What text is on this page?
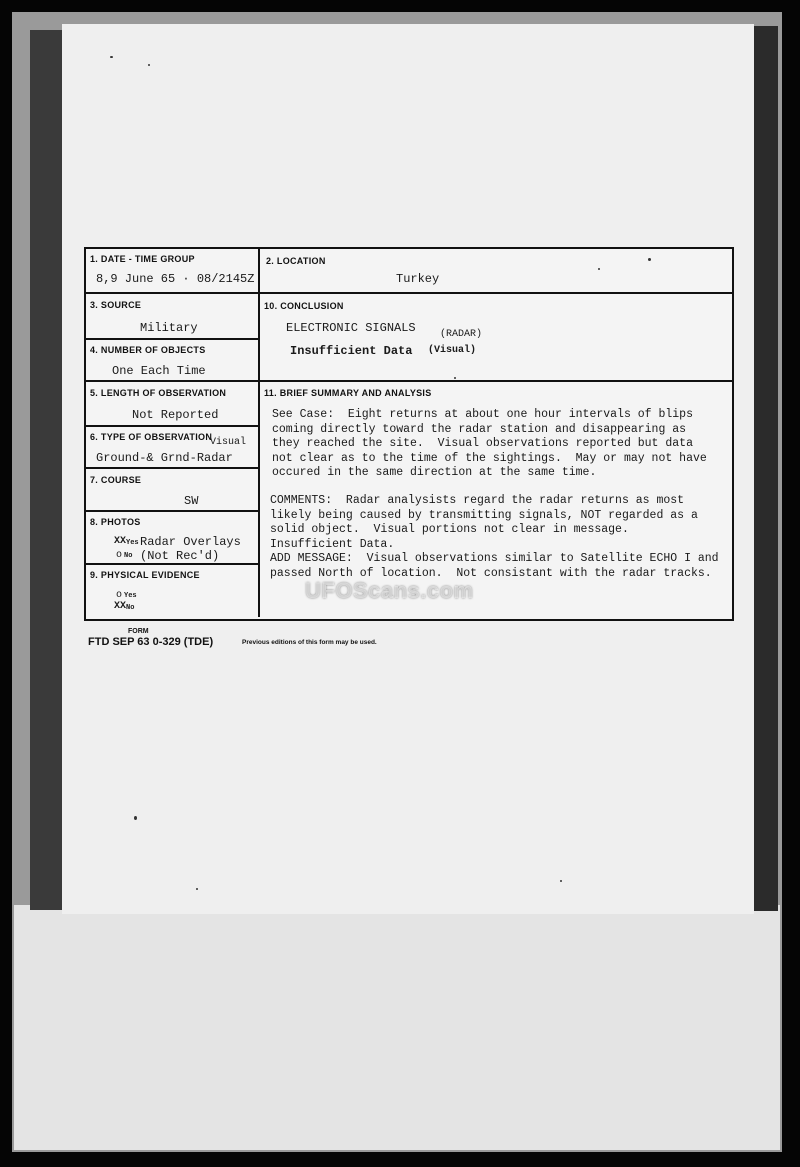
1. DATE - TIME GROUP
8,9 June 65 · 08/2145Z
2. LOCATION
Turkey
3. SOURCE
Military
4. NUMBER OF OBJECTS
One Each Time
5. LENGTH OF OBSERVATION
Not Reported
6. TYPE OF OBSERVATION
Visual
Ground-& Grnd-Radar
7. COURSE
SW
8. PHOTOS
XX Yes Radar Overlays
o No (Not Rec'd)
9. PHYSICAL EVIDENCE
o Yes
XX No
10. CONCLUSION
ELECTRONIC SIGNALS (RADAR)
Insufficient Data (Visual)
11. BRIEF SUMMARY AND ANALYSIS
See Case:  Eight returns at about one hour intervals of blips
coming directly toward the radar station and disappearing as
they reached the site.  Visual observations reported but data
not clear as to the time of the sightings.  May or may not have
occured in the same direction at the same time.
COMMENTS:  Radar analysists regard the radar returns as most
likely being caused by transmitting signals, NOT regarded as a
solid object.  Visual portions not clear in message.
Insufficient Data.
ADD MESSAGE:  Visual observations similar to Satellite ECHO I and
passed North of location.  Not consistant with the radar tracks.
UFOScans.com
FORM
FTD SEP 63 0-329 (TDE)	Previous editions of this form may be used.
